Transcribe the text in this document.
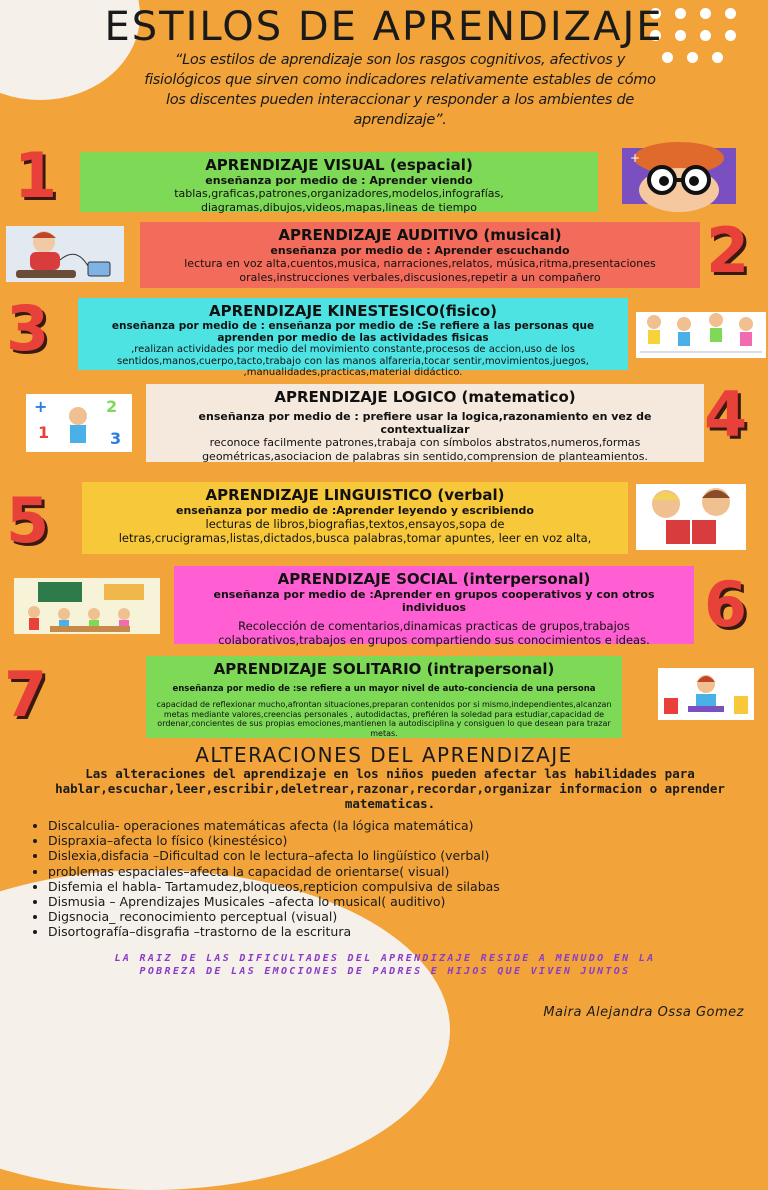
ESTILOS DE APRENDIZAJE
“Los estilos de aprendizaje son los rasgos cognitivos, afectivos y fisiológicos que sirven como indicadores relativamente estables de cómo los discentes pueden interaccionar y responder a los ambientes de aprendizaje”.
1	APRENDIZAJE VISUAL (espacial)
enseñanza por medio de : Aprender viendo
tablas,graficas,patrones,organizadores,modelos,infografías, diagramas,dibujos,videos,mapas,lineas de tiempo
+
APRENDIZAJE AUDITIVO (musical)
enseñanza por medio de : Aprender escuchando
lectura en voz alta,cuentos,musica, narraciones,relatos, música,ritma,presentaciones orales,instrucciones verbales,discusiones,repetir a un compañero	2
3	APRENDIZAJE KINESTESICO(fisico)
enseñanza por medio de : enseñanza por medio de :Se refiere a las personas que aprenden por medio de las actividades fisicas
,realizan actividades por medio del movimiento constante,procesos de accion,uso de los sentidos,manos,cuerpo,tacto,trabajo con las manos alfareria,tocar sentir,movimientos,juegos, ,manualidades,practicas,material didáctico.
+
1
2
3
APRENDIZAJE LOGICO (matematico)
enseñanza por medio de : prefiere usar la logica,razonamiento en vez de contextualizar
reconoce facilmente patrones,trabaja con símbolos abstratos,numeros,formas geométricas,asociacion de palabras sin sentido,comprension de planteamientos.
4
5	APRENDIZAJE LINGUISTICO (verbal)
enseñanza por medio de :Aprender leyendo y escribiendo
lecturas de libros,biografias,textos,ensayos,sopa de letras,crucigramas,listas,dictados,busca palabras,tomar apuntes, leer en voz alta,
APRENDIZAJE SOCIAL (interpersonal)
enseñanza por medio de :Aprender en grupos cooperativos y con otros individuos
Recolección de comentarios,dinamicas practicas de grupos,trabajos colaborativos,trabajos en grupos compartiendo sus conocimientos e ideas. 6
7	APRENDIZAJE SOLITARIO (intrapersonal)
enseñanza por medio de :se refiere a un mayor nivel de auto-conciencia de una persona
capacidad de reflexionar mucho,afrontan situaciones,preparan contenidos por si mismo,independientes,alcanzan metas mediante valores,creencias personales , autodidactas, prefiéren la soledad para estudiar,capacidad de ordenar,concientes de sus propias emociones,mantienen la autodisciplina y consiguen lo que desean para trazar metas.
ALTERACIONES DEL APRENDIZAJE
Las alteraciones del aprendizaje en los niños pueden afectar las habilidades para hablar,escuchar,leer,escribir,deletrear,razonar,recordar,organizar informacion o aprender matematicas.
• Discalculia- operaciones matemáticas afecta (la lógica matemática)
• Dispraxia–afecta lo físico (kinestésico)
• Dislexia,disfacia –Dificultad con le lectura–afecta lo lingüístico (verbal)
• problemas espaciales–afecta la capacidad de orientarse( visual)
• Disfemia el habla- Tartamudez,bloqueos,repticion compulsiva de silabas
• Dismusia – Aprendizajes Musicales –afecta lo musical( auditivo)
• Digsnocia_ reconocimiento perceptual (visual)
• Disortografía–disgrafia –trastorno de la escritura
LA RAIZ DE LAS DIFICULTADES DEL APRENDIZAJE RESIDE A MENUDO EN LA POBREZA DE LAS EMOCIONES DE PADRES E HIJOS QUE VIVEN JUNTOS
Maira Alejandra Ossa Gomez
